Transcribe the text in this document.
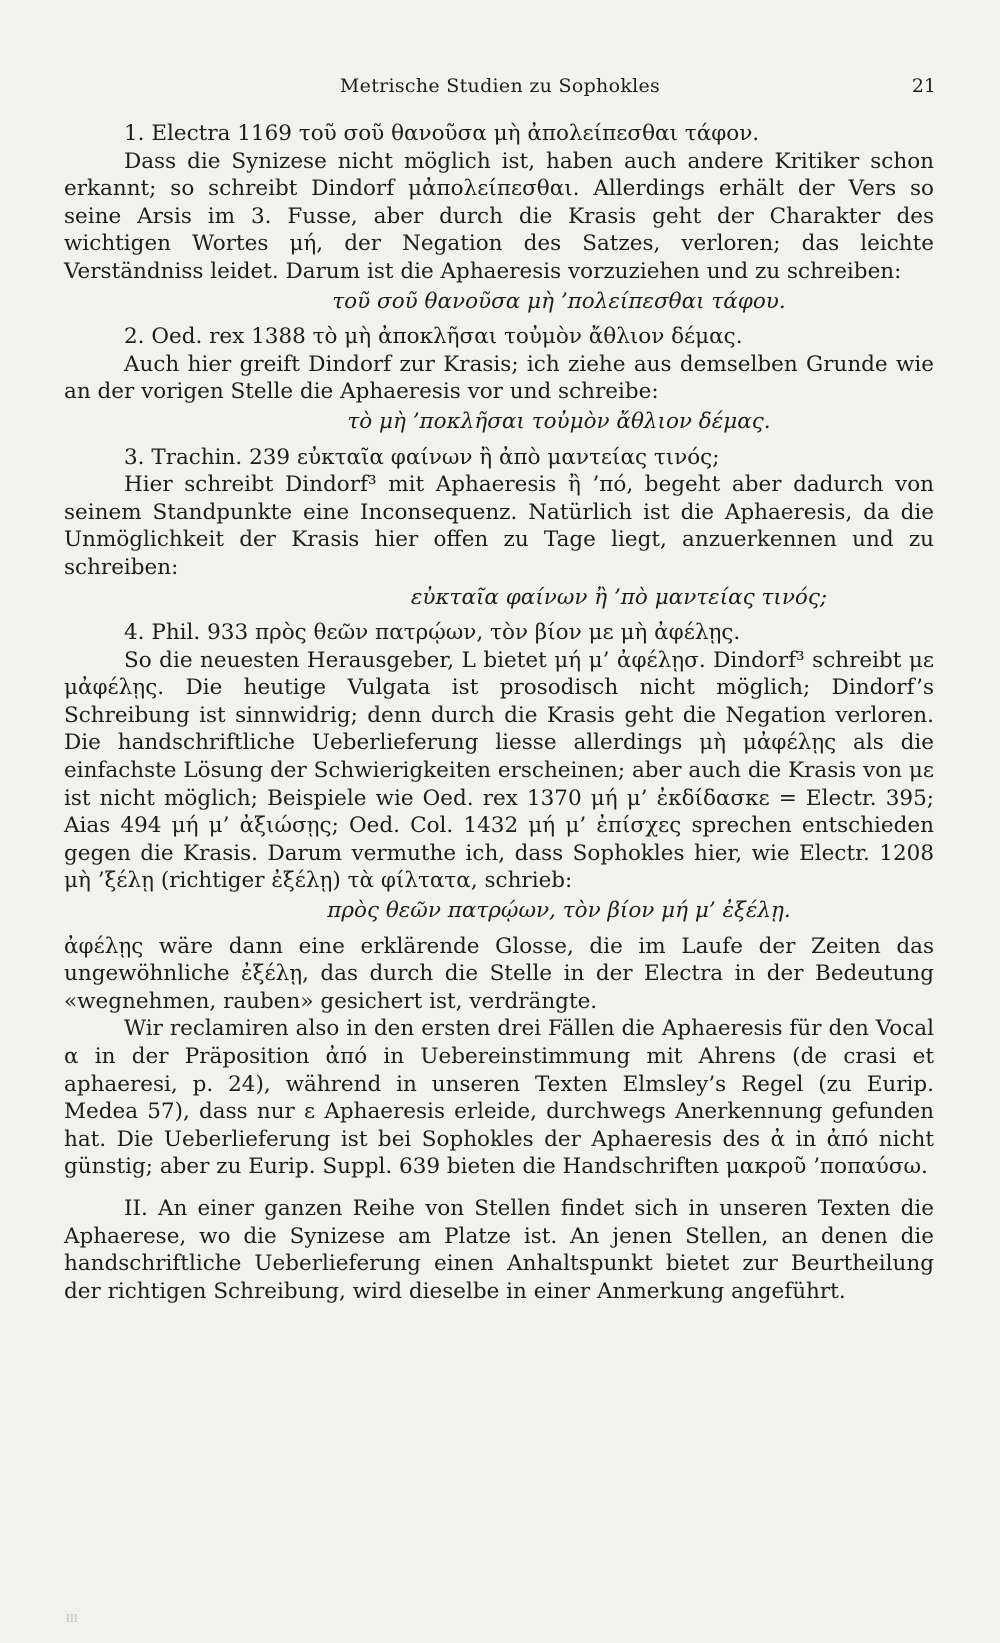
Metrische Studien zu Sophokles	21

1. Electra 1169 τοῦ σοῦ θανοῦσα μὴ ἀπολείπεσθαι τάφον.

Dass die Synizese nicht möglich ist, haben auch andere Kritiker schon erkannt; so schreibt Dindorf μἀπολείπεσθαι. Allerdings erhält der Vers so seine Arsis im 3. Fusse, aber durch die Krasis geht der Charakter des wichtigen Wortes μή, der Negation des Satzes, verloren; das leichte Verständniss leidet. Darum ist die Aphaeresis vorzuziehen und zu schreiben:

τοῦ σοῦ θανοῦσα μὴ ’πολείπεσθαι τάφου.

2. Oed. rex 1388 τὸ μὴ ἀποκλῆσαι τοὐμὸν ἄθλιον δέμας.

Auch hier greift Dindorf zur Krasis; ich ziehe aus demselben Grunde wie an der vorigen Stelle die Aphaeresis vor und schreibe:

τὸ μὴ ’ποκλῆσαι τοὐμὸν ἄθλιον δέμας.

3. Trachin. 239 εὐκταῖα φαίνων ἢ ἀπὸ μαντείας τινός;

Hier schreibt Dindorf³ mit Aphaeresis ἢ ’πό, begeht aber dadurch von seinem Standpunkte eine Inconsequenz. Natürlich ist die Aphaeresis, da die Unmöglichkeit der Krasis hier offen zu Tage liegt, anzuerkennen und zu schreiben:

εὐκταῖα φαίνων ἢ ’πὸ μαντείας τινός;

4. Phil. 933 πρὸς θεῶν πατρῴων, τὸν βίον με μὴ ἀφέλῃς.

So die neuesten Herausgeber, L bietet μή μ’ ἀφέλῃσ. Dindorf³ schreibt με μἀφέλῃς. Die heutige Vulgata ist prosodisch nicht möglich; Dindorf’s Schreibung ist sinnwidrig; denn durch die Krasis geht die Negation verloren. Die handschriftliche Ueberlieferung liesse allerdings μὴ μἀφέλῃς als die einfachste Lösung der Schwierigkeiten erscheinen; aber auch die Krasis von με ist nicht möglich; Beispiele wie Oed. rex 1370 μή μ’ ἐκδίδασκε = Electr. 395; Aias 494 μή μ’ ἀξιώσῃς; Oed. Col. 1432 μή μ’ ἐπίσχες sprechen entschieden gegen die Krasis. Darum vermuthe ich, dass Sophokles hier, wie Electr. 1208 μὴ ’ξέλῃ (richtiger ἐξέλῃ) τὰ φίλτατα, schrieb:

πρὸς θεῶν πατρῴων, τὸν βίον μή μ’ ἐξέλῃ.

ἀφέλῃς wäre dann eine erklärende Glosse, die im Laufe der Zeiten das ungewöhnliche ἐξέλῃ, das durch die Stelle in der Electra in der Bedeutung «wegnehmen, rauben» gesichert ist, verdrängte.

Wir reclamiren also in den ersten drei Fällen die Aphaeresis für den Vocal α in der Präposition ἀπό in Uebereinstimmung mit Ahrens (de crasi et aphaeresi, p. 24), während in unseren Texten Elmsley’s Regel (zu Eurip. Medea 57), dass nur ε Aphaeresis erleide, durchwegs Anerkennung gefunden hat. Die Ueberlieferung ist bei Sophokles der Aphaeresis des ἀ in ἀπό nicht günstig; aber zu Eurip. Suppl. 639 bieten die Handschriften μακροῦ ’ποπαύσω.

II. An einer ganzen Reihe von Stellen findet sich in unseren Texten die Aphaerese, wo die Synizese am Platze ist. An jenen Stellen, an denen die handschriftliche Ueberlieferung einen Anhaltspunkt bietet zur Beurtheilung der richtigen Schreibung, wird dieselbe in einer Anmerkung angeführt.

III
